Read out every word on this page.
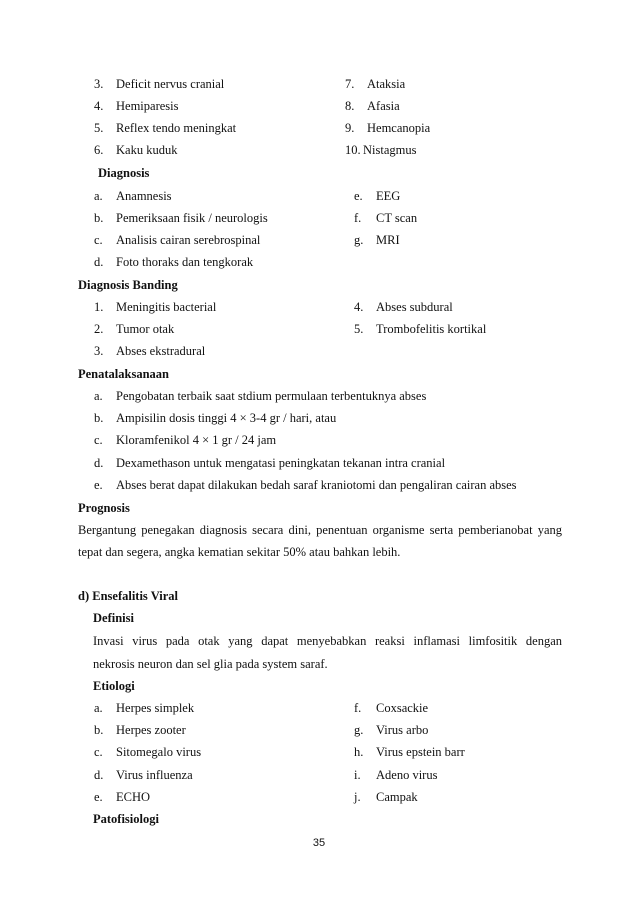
3. Deficit nervus cranial
4. Hemiparesis
5. Reflex tendo meningkat
6. Kaku kuduk
7. Ataksia
8. Afasia
9. Hemcanopia
10. Nistagmus
Diagnosis
a. Anamnesis
b. Pemeriksaan fisik / neurologis
c. Analisis cairan serebrospinal
d. Foto thoraks dan tengkorak
e. EEG
f. CT scan
g. MRI
Diagnosis Banding
1. Meningitis bacterial
2. Tumor otak
3. Abses ekstradural
4. Abses subdural
5. Trombofelitis kortikal
Penatalaksanaan
a. Pengobatan terbaik saat stdium permulaan terbentuknya abses
b. Ampisilin dosis tinggi 4 × 3-4 gr / hari, atau
c. Kloramfenikol 4 × 1 gr / 24 jam
d. Dexamethason untuk mengatasi peningkatan tekanan intra cranial
e. Abses berat dapat dilakukan bedah saraf kraniotomi dan pengaliran cairan abses
Prognosis
Bergantung penegakan diagnosis secara dini, penentuan organisme serta pemberianobat yang
tepat dan segera, angka kematian sekitar 50% atau bahkan lebih.
d) Ensefalitis Viral
Definisi
Invasi virus pada otak yang dapat menyebabkan reaksi inflamasi limfositik dengan
nekrosis neuron dan sel glia pada system saraf.
Etiologi
a. Herpes simplek
b. Herpes zooter
c. Sitomegalo virus
d. Virus influenza
e. ECHO
f. Coxsackie
g. Virus arbo
h. Virus epstein barr
i. Adeno virus
j. Campak
Patofisiologi
35
